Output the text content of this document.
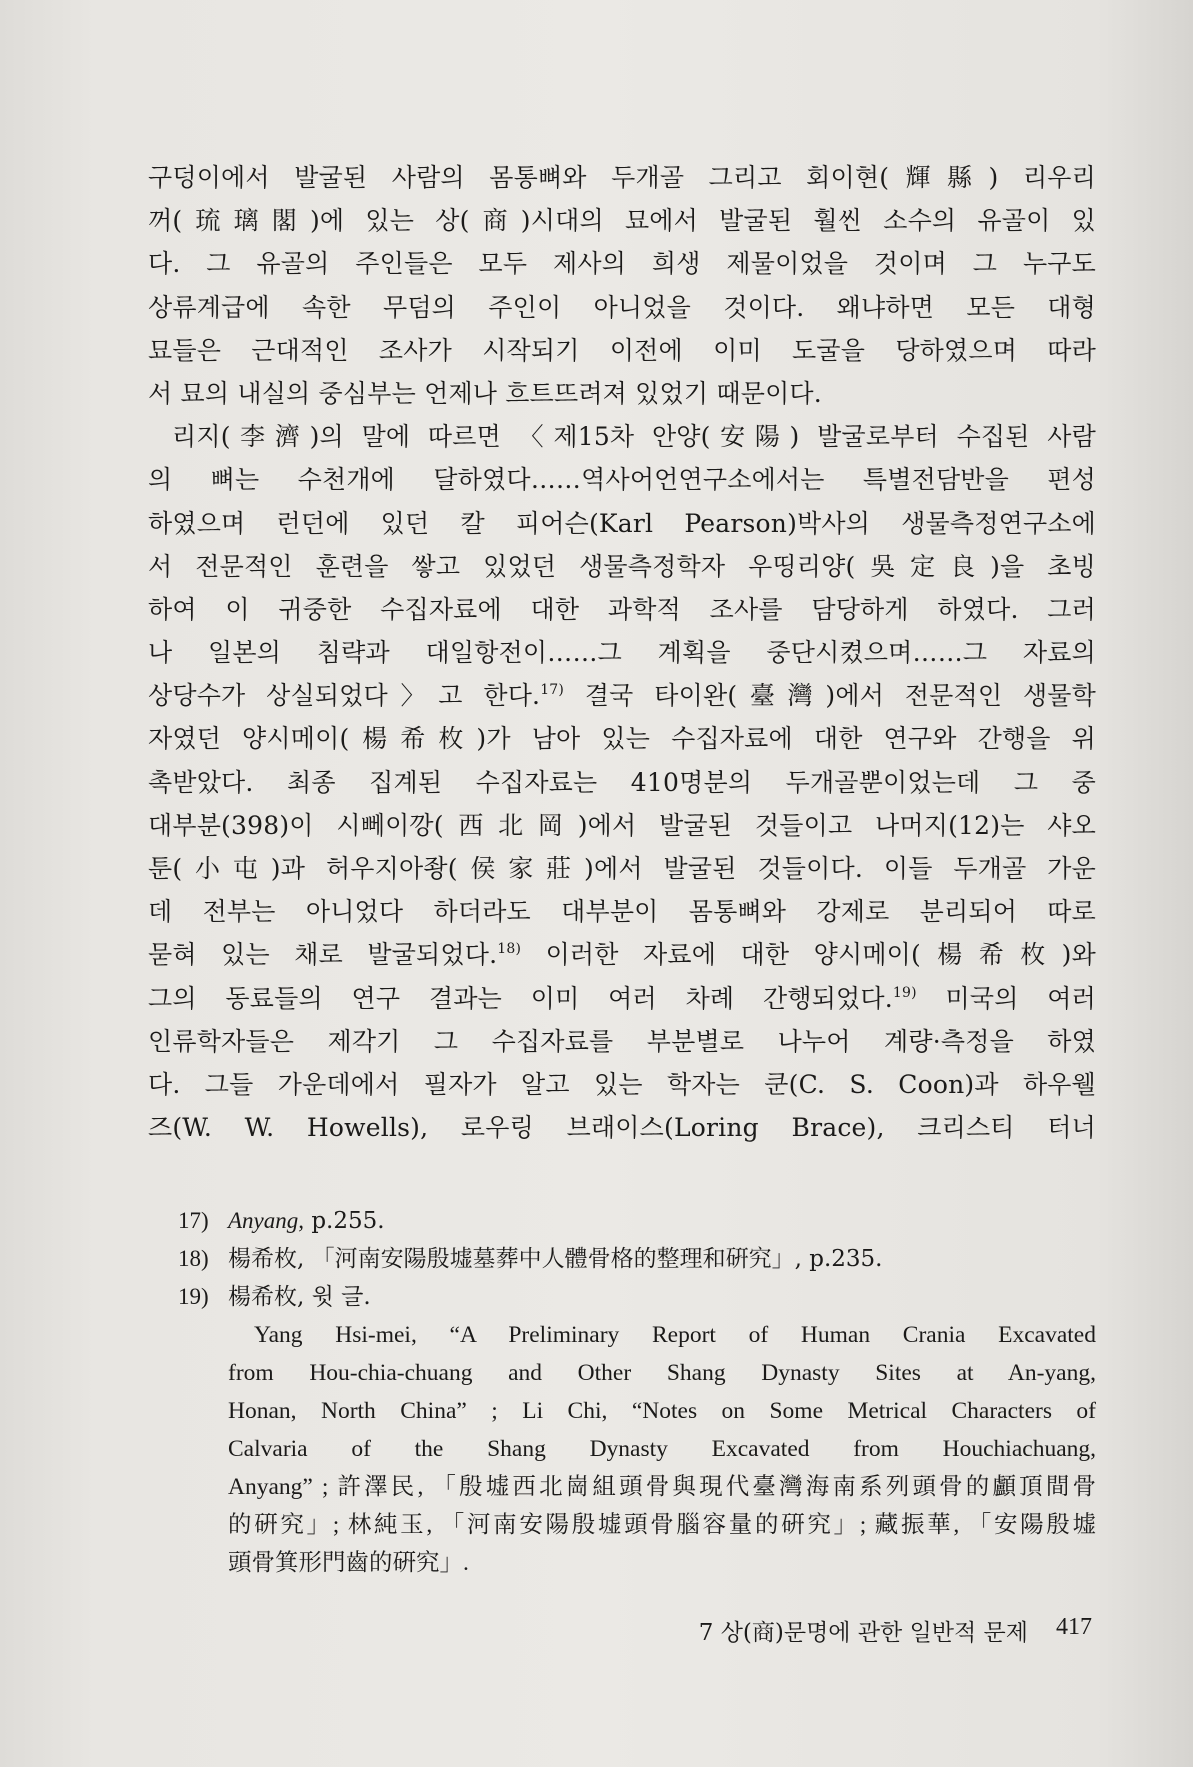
구덩이에서 발굴된 사람의 몸통뼈와 두개골 그리고 회이현(輝縣) 리우리
꺼(琉璃閣)에 있는 상(商)시대의 묘에서 발굴된 훨씬 소수의 유골이 있
다. 그 유골의 주인들은 모두 제사의 희생 제물이었을 것이며 그 누구도
상류계급에 속한 무덤의 주인이 아니었을 것이다. 왜냐하면 모든 대형
묘들은 근대적인 조사가 시작되기 이전에 이미 도굴을 당하였으며 따라
서 묘의 내실의 중심부는 언제나 흐트뜨려져 있었기 때문이다.
리지(李濟)의 말에 따르면 〈제15차 안양(安陽) 발굴로부터 수집된 사람
의 뼈는 수천개에 달하였다……역사어언연구소에서는 특별전담반을 편성
하였으며 런던에 있던 칼 피어슨(Karl Pearson)박사의 생물측정연구소에
서 전문적인 훈련을 쌓고 있었던 생물측정학자 우띵리양(吳定良)을 초빙
하여 이 귀중한 수집자료에 대한 과학적 조사를 담당하게 하였다. 그러
나 일본의 침략과 대일항전이……그 계획을 중단시켰으며……그 자료의
상당수가 상실되었다〉고 한다.$^{17)}$ 결국 타이완(臺灣)에서 전문적인 생물학
자였던 양시메이(楊希枚)가 남아 있는 수집자료에 대한 연구와 간행을 위
촉받았다. 최종 집계된 수집자료는 410명분의 두개골뿐이었는데 그 중
대부분(398)이 시뻬이깡(西北岡)에서 발굴된 것들이고 나머지(12)는 샤오
툰(小屯)과 허우지아좡(侯家莊)에서 발굴된 것들이다. 이들 두개골 가운
데 전부는 아니었다 하더라도 대부분이 몸통뼈와 강제로 분리되어 따로
묻혀 있는 채로 발굴되었다.$^{18)}$ 이러한 자료에 대한 양시메이(楊希枚)와
그의 동료들의 연구 결과는 이미 여러 차례 간행되었다.$^{19)}$ 미국의 여러
인류학자들은 제각기 그 수집자료를 부분별로 나누어 계량·측정을 하였
다. 그들 가운데에서 필자가 알고 있는 학자는 쿤(C. S. Coon)과 하우웰
즈(W. W. Howells), 로우링 브래이스(Loring Brace), 크리스티 터너
17) Anyang, p.255.
18) 楊希枚, 「河南安陽殷墟墓葬中人體骨格的整理和硏究」, p.235.
19) 楊希枚, 윗 글.
Yang Hsi-mei, “A Preliminary Report of Human Crania Excavated
from Hou-chia-chuang and Other Shang Dynasty Sites at An-yang,
Honan, North China” ; Li Chi, “Notes on Some Metrical Characters of
Calvaria of the Shang Dynasty Excavated from Houchiachuang,
Anyang” ; 許澤民, 「殷墟西北崗組頭骨與現代臺灣海南系列頭骨的顱頂間骨
的硏究」; 林純玉, 「河南安陽殷墟頭骨腦容量的硏究」; 藏振華, 「安陽殷墟
頭骨箕形門齒的硏究」.
7 상(商)문명에 관한 일반적 문제 417
